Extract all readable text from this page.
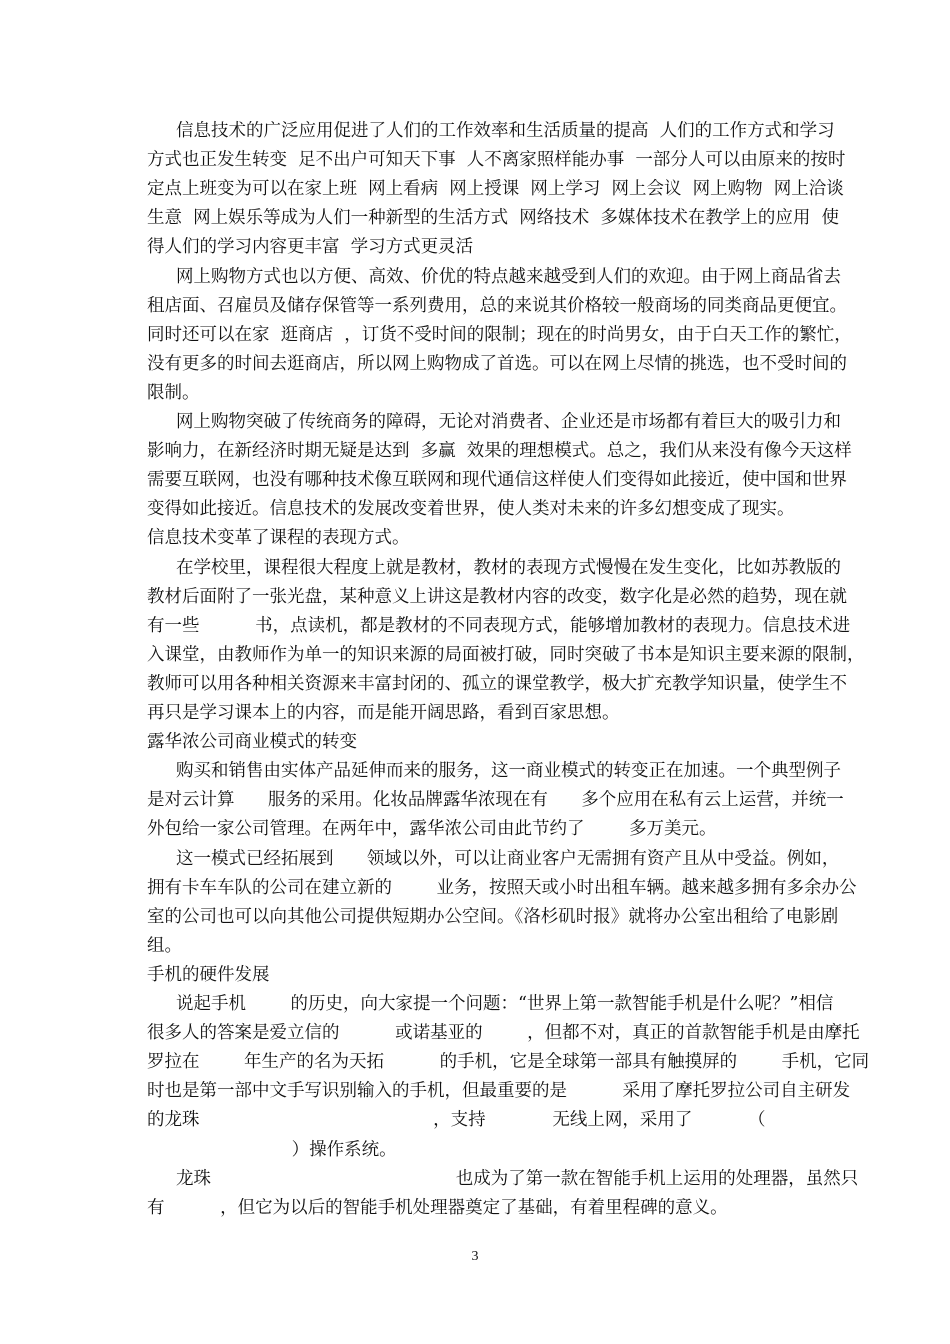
信息技术的广泛应用促进了人们的工作效率和生活质量的提高  人们的工作方式和学习
方式也正发生转变  足不出户可知天下事  人不离家照样能办事  一部分人可以由原来的按时
定点上班变为可以在家上班  网上看病  网上授课  网上学习  网上会议  网上购物  网上洽谈
生意  网上娱乐等成为人们一种新型的生活方式  网络技术  多媒体技术在教学上的应用  使
得人们的学习内容更丰富  学习方式更灵活
网上购物方式也以方便、高效、价优的特点越来越受到人们的欢迎。由于网上商品省去
租店面、召雇员及储存保管等一系列费用，总的来说其价格较一般商场的同类商品更便宜。
同时还可以在家  逛商店  ，订货不受时间的限制；现在的时尚男女，由于白天工作的繁忙，
没有更多的时间去逛商店，所以网上购物成了首选。可以在网上尽情的挑选，也不受时间的
限制。
网上购物突破了传统商务的障碍，无论对消费者、企业还是市场都有着巨大的吸引力和
影响力，在新经济时期无疑是达到  多赢  效果的理想模式。总之，我们从来没有像今天这样
需要互联网，也没有哪种技术像互联网和现代通信这样使人们变得如此接近，使中国和世界
变得如此接近。信息技术的发展改变着世界，使人类对未来的许多幻想变成了现实。
信息技术变革了课程的表现方式。
在学校里，课程很大程度上就是教材，教材的表现方式慢慢在发生变化，比如苏教版的
教材后面附了一张光盘，某种意义上讲这是教材内容的改变，数字化是必然的趋势，现在就
有一些          书，点读机，都是教材的不同表现方式，能够增加教材的表现力。信息技术进
入课堂，由教师作为单一的知识来源的局面被打破，同时突破了书本是知识主要来源的限制，
教师可以用各种相关资源来丰富封闭的、孤立的课堂教学，极大扩充教学知识量，使学生不
再只是学习课本上的内容，而是能开阔思路，看到百家思想。
露华浓公司商业模式的转变
购买和销售由实体产品延伸而来的服务，这一商业模式的转变正在加速。一个典型例子
是对云计算      服务的采用。化妆品牌露华浓现在有      多个应用在私有云上运营，并统一
外包给一家公司管理。在两年中，露华浓公司由此节约了        多万美元。
这一模式已经拓展到      领域以外，可以让商业客户无需拥有资产且从中受益。例如，
拥有卡车车队的公司在建立新的        业务，按照天或小时出租车辆。越来越多拥有多余办公
室的公司也可以向其他公司提供短期办公空间。《洛杉矶时报》就将办公室出租给了电影剧
组。
手机的硬件发展
说起手机        的历史，向大家提一个问题：“世界上第一款智能手机是什么呢？”相信
很多人的答案是爱立信的          或诺基亚的        ，但都不对，真正的首款智能手机是由摩托
罗拉在        年生产的名为天拓          的手机，它是全球第一部具有触摸屏的        手机，它同
时也是第一部中文手写识别输入的手机，但最重要的是          采用了摩托罗拉公司自主研发
的龙珠                                          ，支持            无线上网，采用了          （
）操作系统。
龙珠                                            也成为了第一款在智能手机上运用的处理器，虽然只
有          ，但它为以后的智能手机处理器奠定了基础，有着里程碑的意义。
3
